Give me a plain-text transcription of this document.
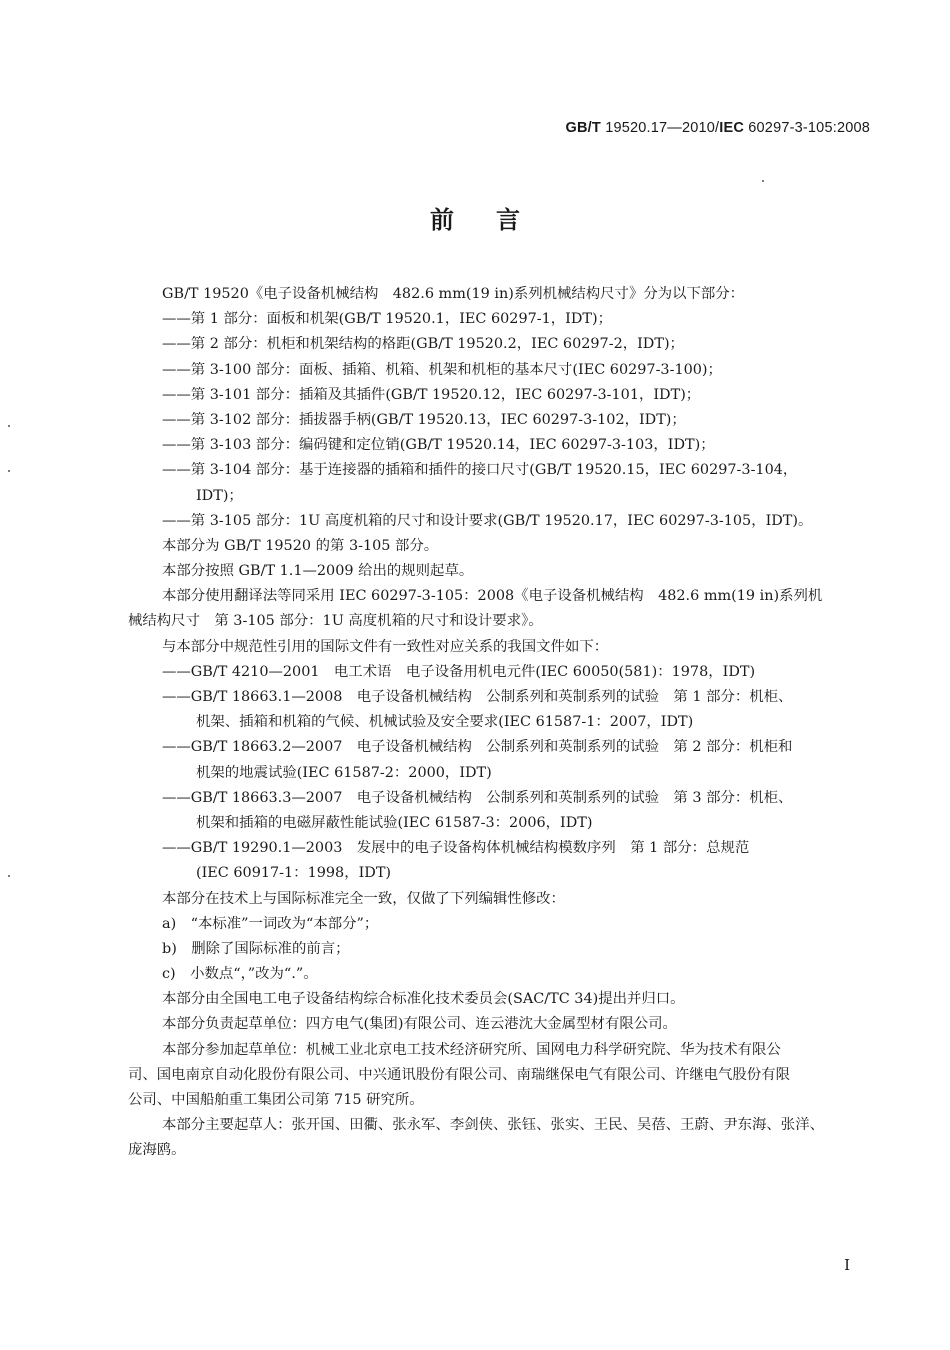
GB/T 19520.17—2010/IEC 60297-3-105:2008
前言
GB/T 19520《电子设备机械结构　482.6 mm(19 in)系列机械结构尺寸》分为以下部分：
——第 1 部分：面板和机架(GB/T 19520.1，IEC 60297-1，IDT)；
——第 2 部分：机柜和机架结构的格距(GB/T 19520.2，IEC 60297-2，IDT)；
——第 3-100 部分：面板、插箱、机箱、机架和机柜的基本尺寸(IEC 60297-3-100)；
——第 3-101 部分：插箱及其插件(GB/T 19520.12，IEC 60297-3-101，IDT)；
——第 3-102 部分：插拔器手柄(GB/T 19520.13，IEC 60297-3-102，IDT)；
——第 3-103 部分：编码键和定位销(GB/T 19520.14，IEC 60297-3-103，IDT)；
——第 3-104 部分：基于连接器的插箱和插件的接口尺寸(GB/T 19520.15，IEC 60297-3-104，
IDT)；
——第 3-105 部分：1U 高度机箱的尺寸和设计要求(GB/T 19520.17，IEC 60297-3-105，IDT)。
本部分为 GB/T 19520 的第 3-105 部分。
本部分按照 GB/T 1.1—2009 给出的规则起草。
本部分使用翻译法等同采用 IEC 60297-3-105：2008《电子设备机械结构　482.6 mm(19 in)系列机
械结构尺寸　第 3-105 部分：1U 高度机箱的尺寸和设计要求》。
与本部分中规范性引用的国际文件有一致性对应关系的我国文件如下：
——GB/T 4210—2001　电工术语　电子设备用机电元件(IEC 60050(581)：1978，IDT)
——GB/T 18663.1—2008　电子设备机械结构　公制系列和英制系列的试验　第 1 部分：机柜、
机架、插箱和机箱的气候、机械试验及安全要求(IEC 61587-1：2007，IDT)
——GB/T 18663.2—2007　电子设备机械结构　公制系列和英制系列的试验　第 2 部分：机柜和
机架的地震试验(IEC 61587-2：2000，IDT)
——GB/T 18663.3—2007　电子设备机械结构　公制系列和英制系列的试验　第 3 部分：机柜、
机架和插箱的电磁屏蔽性能试验(IEC 61587-3：2006，IDT)
——GB/T 19290.1—2003　发展中的电子设备构体机械结构模数序列　第 1 部分：总规范
(IEC 60917-1：1998，IDT)
本部分在技术上与国际标准完全一致，仅做了下列编辑性修改：
a)　“本标准”一词改为“本部分”；
b)　删除了国际标准的前言；
c)　小数点“，”改为“.”。
本部分由全国电工电子设备结构综合标准化技术委员会(SAC/TC 34)提出并归口。
本部分负责起草单位：四方电气(集团)有限公司、连云港沈大金属型材有限公司。
本部分参加起草单位：机械工业北京电工技术经济研究所、国网电力科学研究院、华为技术有限公
司、国电南京自动化股份有限公司、中兴通讯股份有限公司、南瑞继保电气有限公司、许继电气股份有限
公司、中国船舶重工集团公司第 715 研究所。
本部分主要起草人：张开国、田衢、张永军、李剑侠、张钰、张实、王民、吴蓓、王蔚、尹东海、张洋、
庞海鸥。
I
